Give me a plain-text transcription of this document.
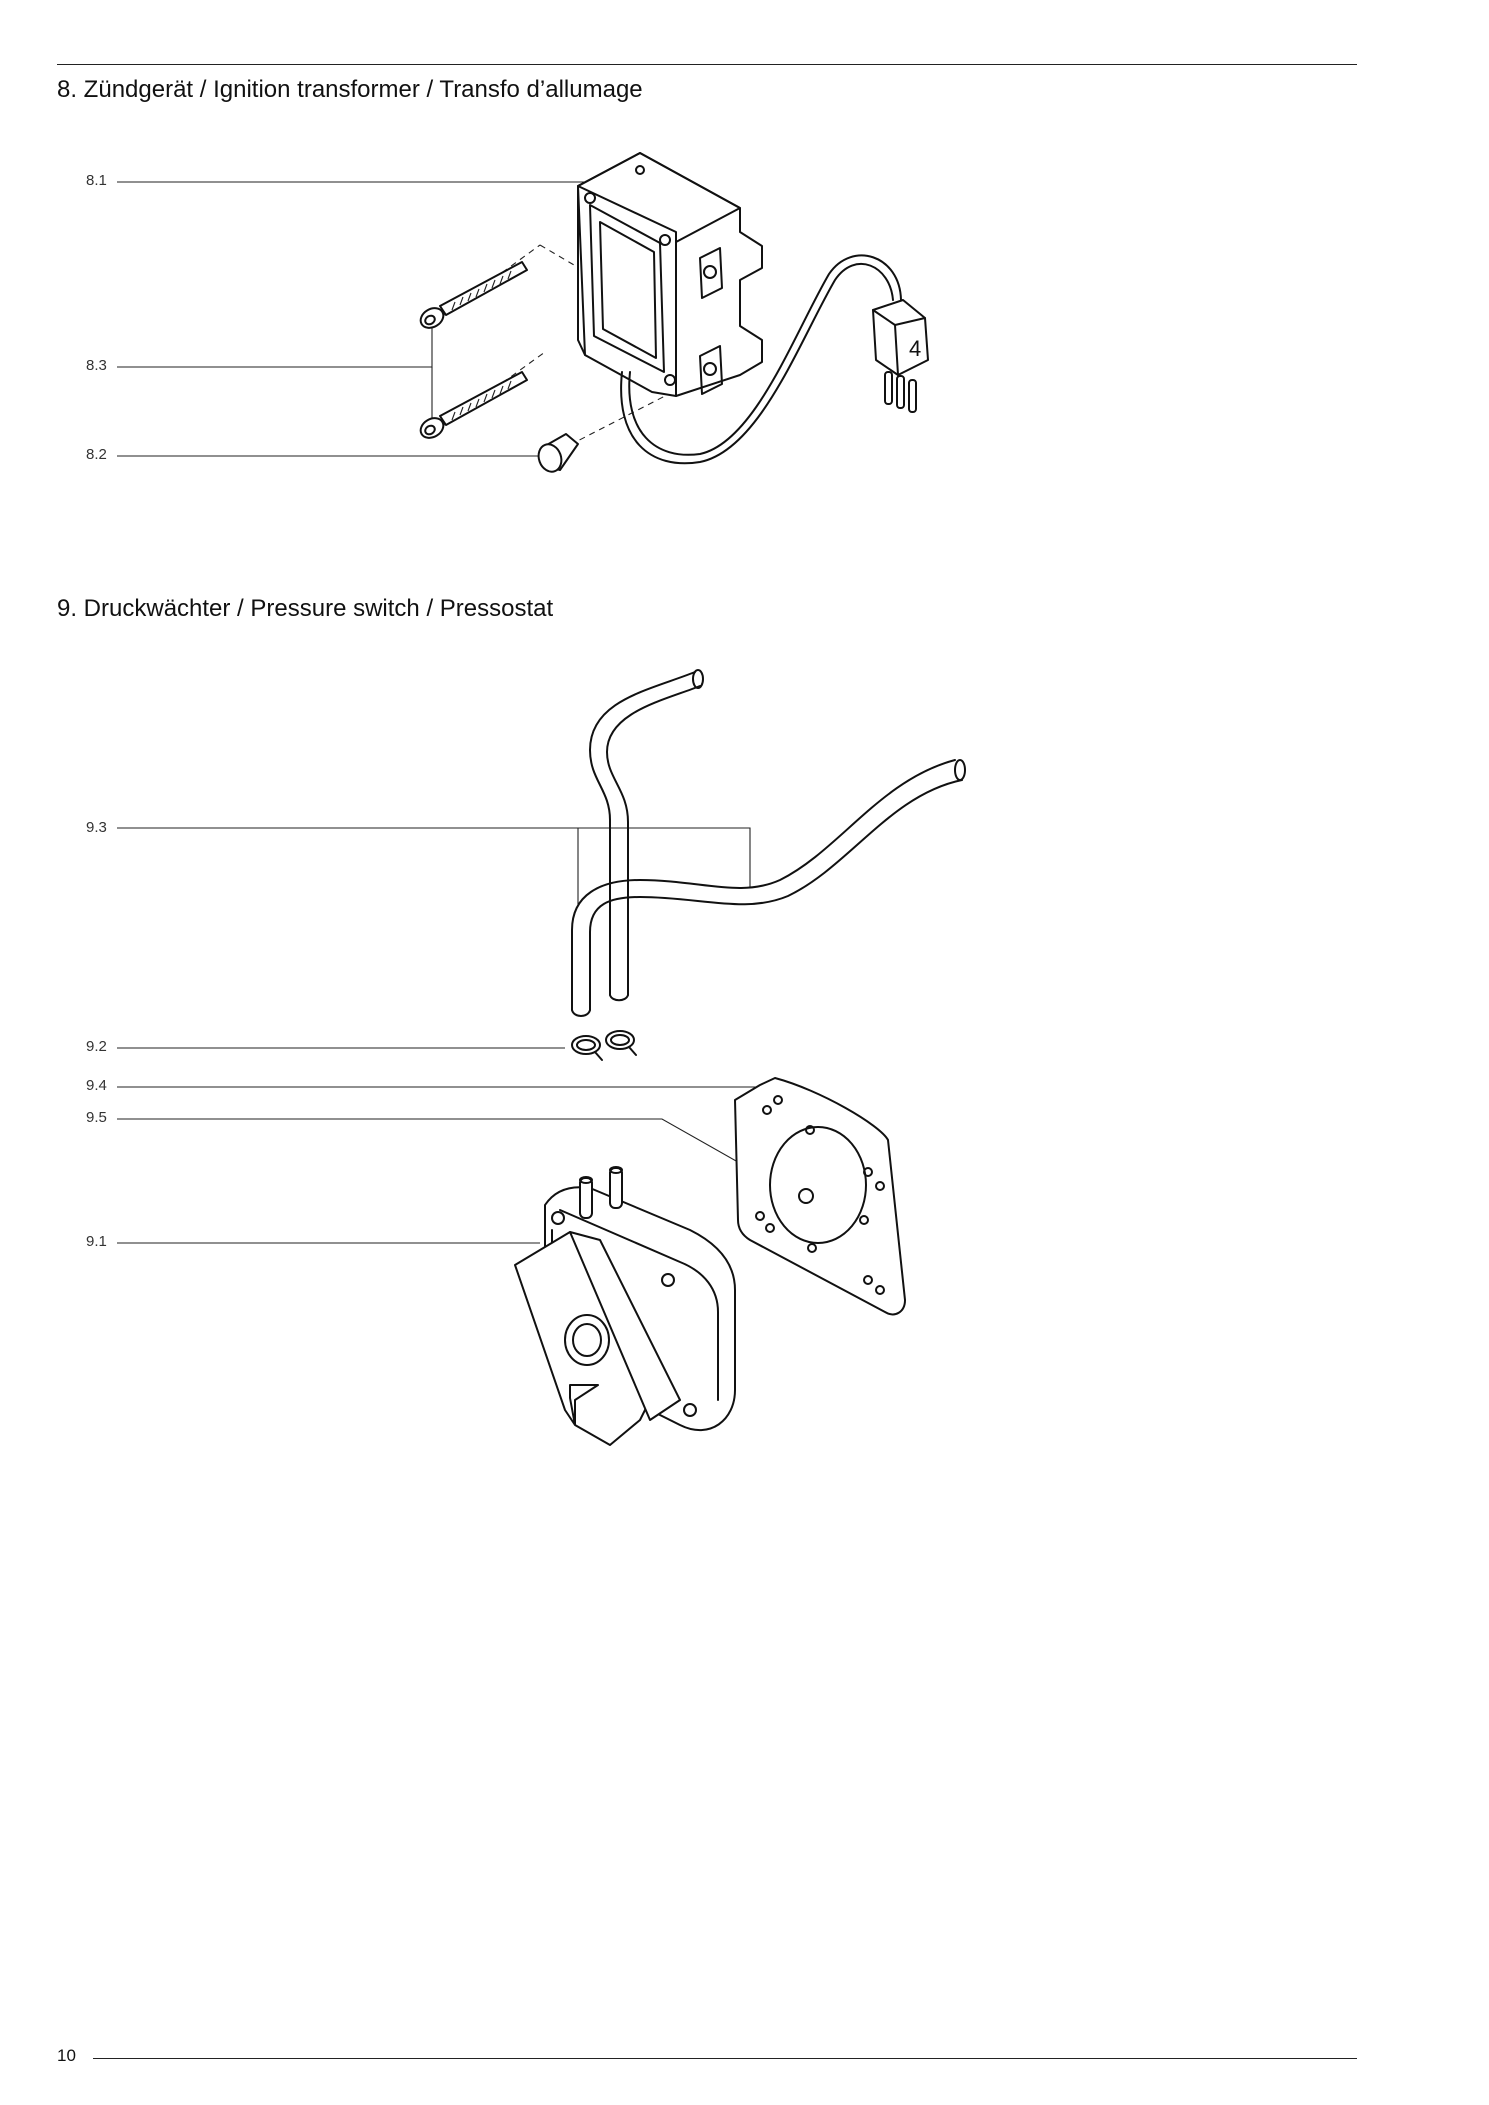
8. Zündgerät / Ignition transformer / Transfo d’allumage
9. Druckwächter / Pressure switch / Pressostat
8.1
8.3
8.2
9.3
9.2
9.4
9.5
9.1
10
4
